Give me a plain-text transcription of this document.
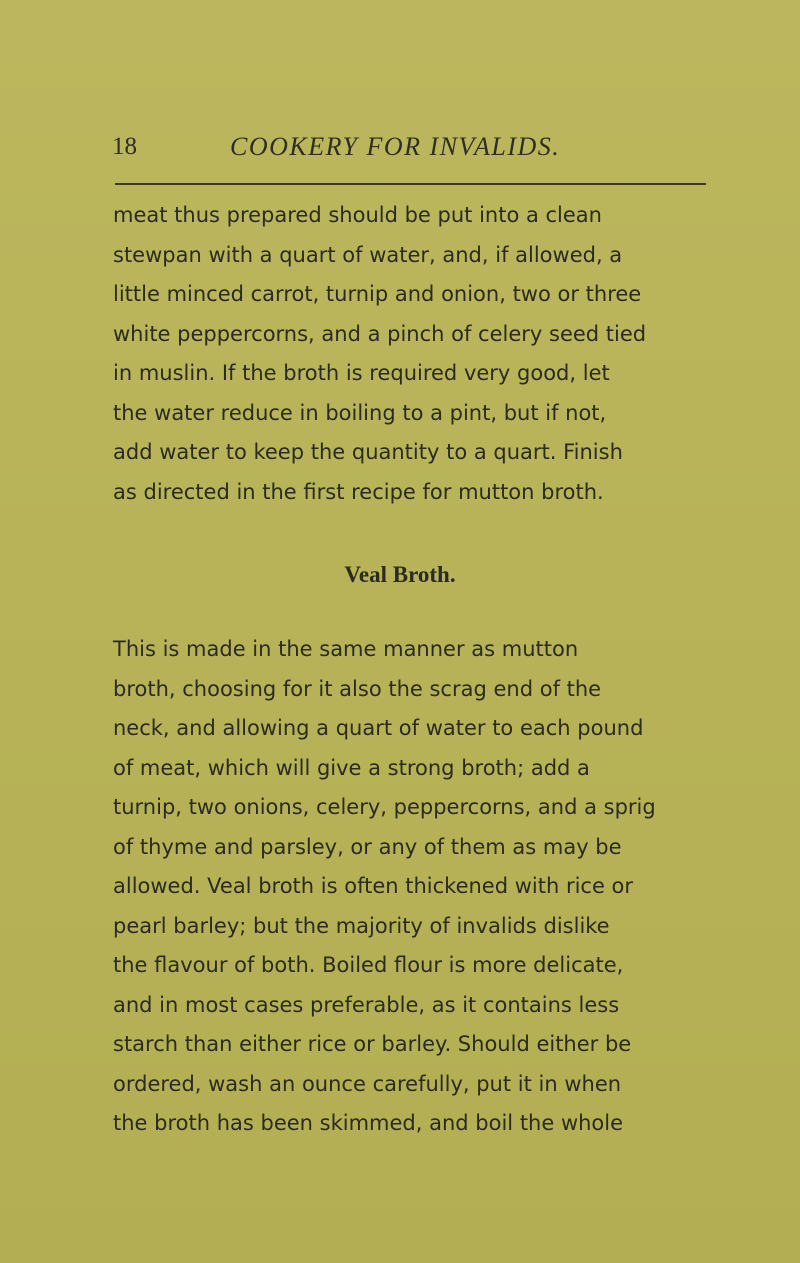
18	COOKERY FOR INVALIDS.
meat thus prepared should be put into a clean
stewpan with a quart of water, and, if allowed, a
little minced carrot, turnip and onion, two or three
white peppercorns, and a pinch of celery seed tied
in muslin. If the broth is required very good, let
the water reduce in boiling to a pint, but if not,
add water to keep the quantity to a quart. Finish
as directed in the first recipe for mutton broth.
Veal Broth.
This is made in the same manner as mutton
broth, choosing for it also the scrag end of the
neck, and allowing a quart of water to each pound
of meat, which will give a strong broth; add a
turnip, two onions, celery, peppercorns, and a sprig
of thyme and parsley, or any of them as may be
allowed. Veal broth is often thickened with rice or
pearl barley; but the majority of invalids dislike
the flavour of both. Boiled flour is more delicate,
and in most cases preferable, as it contains less
starch than either rice or barley. Should either be
ordered, wash an ounce carefully, put it in when
the broth has been skimmed, and boil the whole
